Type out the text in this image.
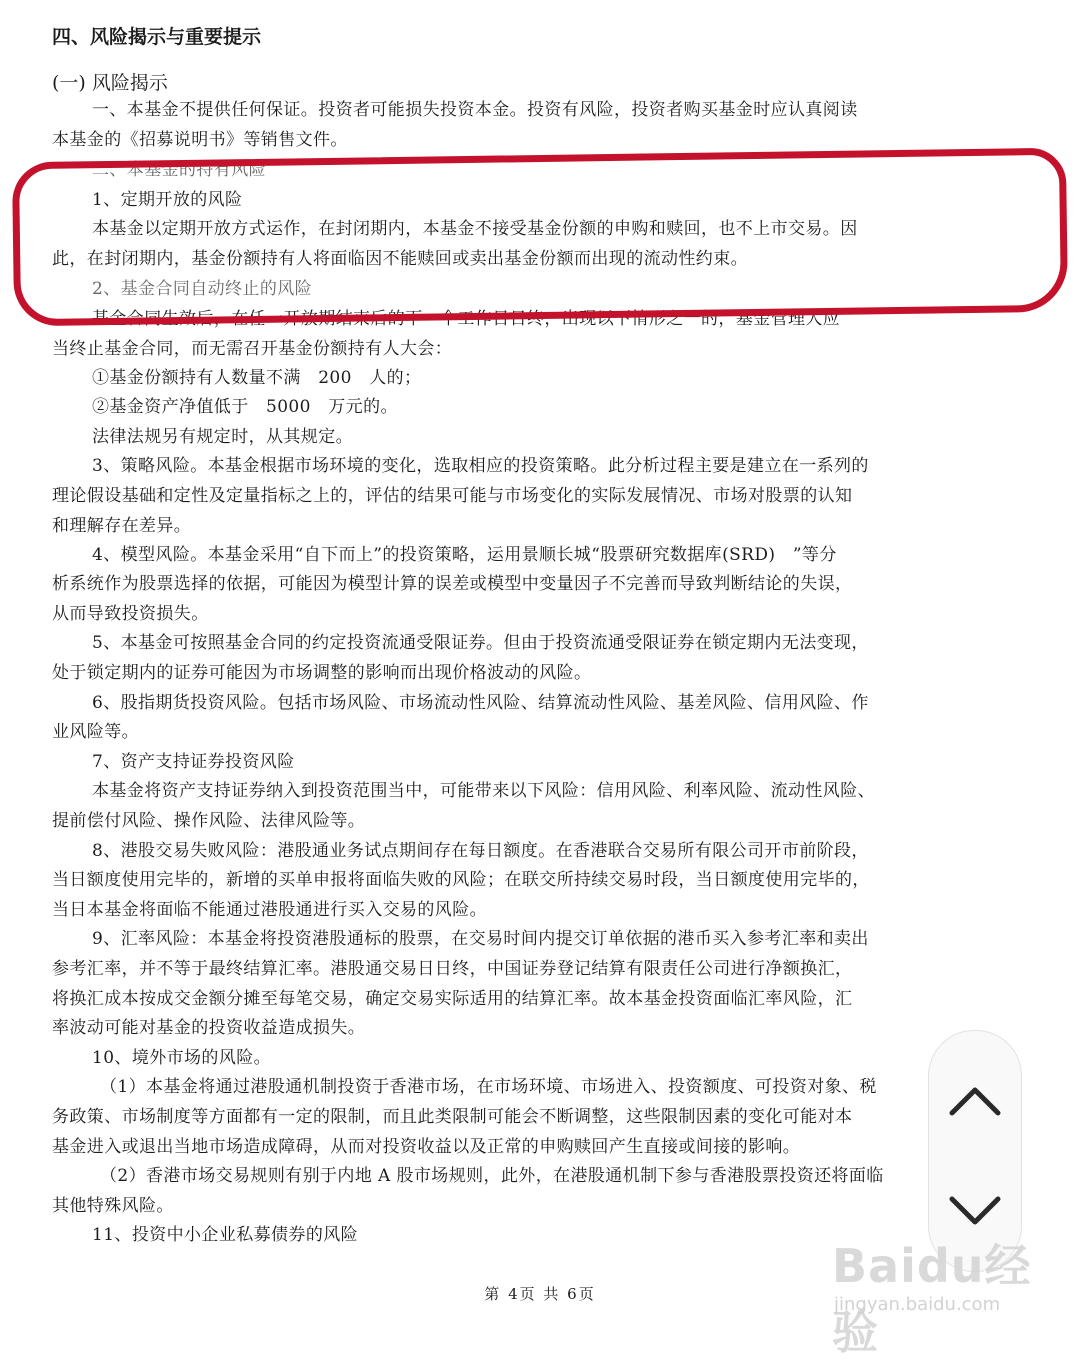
四、风险揭示与重要提示
(一) 风险揭示
一、本基金不提供任何保证。投资者可能损失投资本金。投资有风险，投资者购买基金时应认真阅读
本基金的《招募说明书》等销售文件。
二、本基金的特有风险
1、定期开放的风险
本基金以定期开放方式运作，在封闭期内，本基金不接受基金份额的申购和赎回，也不上市交易。因
此，在封闭期内，基金份额持有人将面临因不能赎回或卖出基金份额而出现的流动性约束。
2、基金合同自动终止的风险
基金合同生效后，在任一开放期结束后的下一个工作日日终，出现以下情形之一的，基金管理人应
当终止基金合同，而无需召开基金份额持有人大会：
①基金份额持有人数量不满　200　人的；
②基金资产净值低于　5000　万元的。
法律法规另有规定时，从其规定。
3、策略风险。本基金根据市场环境的变化，选取相应的投资策略。此分析过程主要是建立在一系列的
理论假设基础和定性及定量指标之上的，评估的结果可能与市场变化的实际发展情况、市场对股票的认知
和理解存在差异。
4、模型风险。本基金采用“自下而上”的投资策略，运用景顺长城“股票研究数据库(SRD)　”等分
析系统作为股票选择的依据，可能因为模型计算的误差或模型中变量因子不完善而导致判断结论的失误，
从而导致投资损失。
5、本基金可按照基金合同的约定投资流通受限证券。但由于投资流通受限证券在锁定期内无法变现，
处于锁定期内的证券可能因为市场调整的影响而出现价格波动的风险。
6、股指期货投资风险。包括市场风险、市场流动性风险、结算流动性风险、基差风险、信用风险、作
业风险等。
7、资产支持证券投资风险
本基金将资产支持证券纳入到投资范围当中，可能带来以下风险：信用风险、利率风险、流动性风险、
提前偿付风险、操作风险、法律风险等。
8、港股交易失败风险：港股通业务试点期间存在每日额度。在香港联合交易所有限公司开市前阶段，
当日额度使用完毕的，新增的买单申报将面临失败的风险；在联交所持续交易时段，当日额度使用完毕的，
当日本基金将面临不能通过港股通进行买入交易的风险。
9、汇率风险：本基金将投资港股通标的股票，在交易时间内提交订单依据的港币买入参考汇率和卖出
参考汇率，并不等于最终结算汇率。港股通交易日日终，中国证券登记结算有限责任公司进行净额换汇，
将换汇成本按成交金额分摊至每笔交易，确定交易实际适用的结算汇率。故本基金投资面临汇率风险，汇
率波动可能对基金的投资收益造成损失。
10、境外市场的风险。
（1）本基金将通过港股通机制投资于香港市场，在市场环境、市场进入、投资额度、可投资对象、税
务政策、市场制度等方面都有一定的限制，而且此类限制可能会不断调整，这些限制因素的变化可能对本
基金进入或退出当地市场造成障碍，从而对投资收益以及正常的申购赎回产生直接或间接的影响。
（2）香港市场交易规则有别于内地 A 股市场规则，此外，在港股通机制下参与香港股票投资还将面临
其他特殊风险。
11、投资中小企业私募债券的风险
第 4页 共 6页
Baidu经验
jingyan.baidu.com
